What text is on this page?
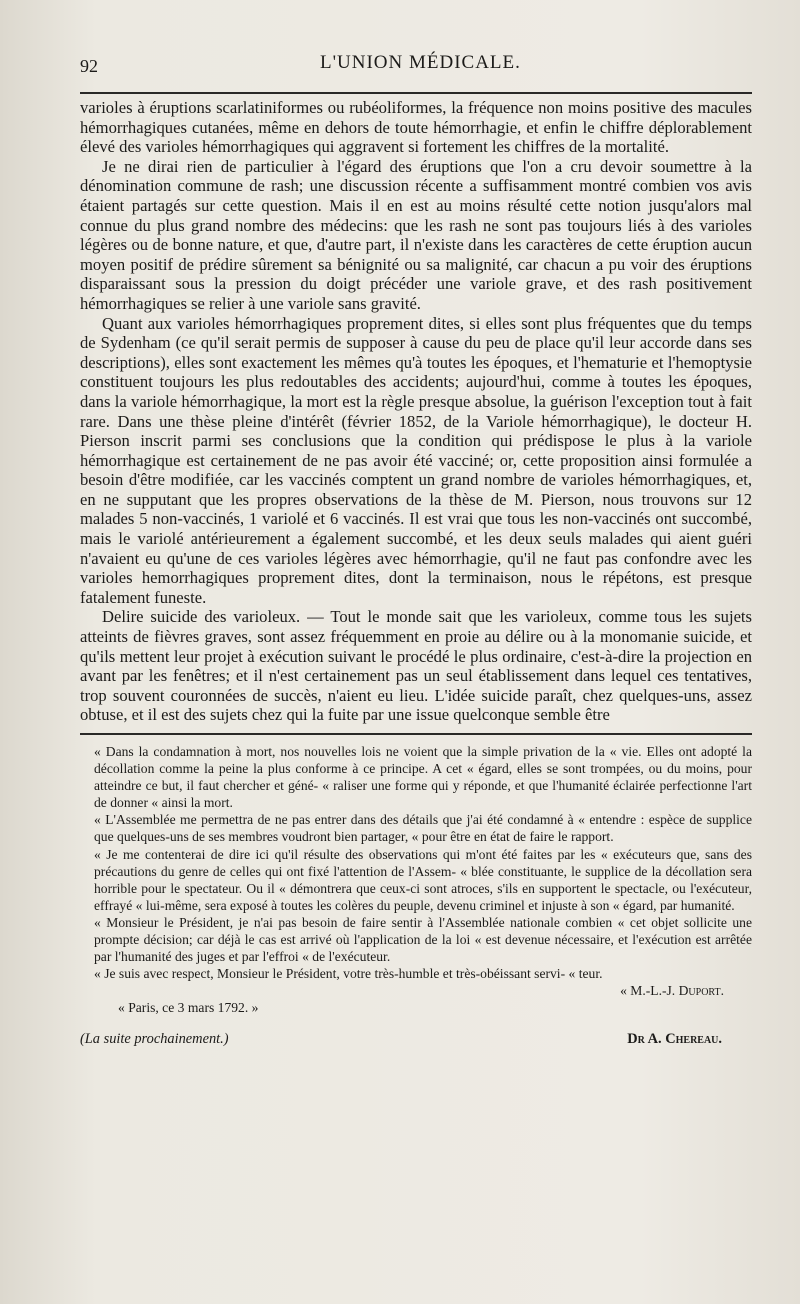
92	L'UNION MÉDICALE.

varioles à éruptions scarlatiniformes ou rubéoliformes, la fréquence non moins positive des macules hémorrhagiques cutanées, même en dehors de toute hémorrhagie, et enfin le chiffre déplorablement élevé des varioles hémorrhagiques qui aggravent si fortement les chiffres de la mortalité.

Je ne dirai rien de particulier à l'égard des éruptions que l'on a cru devoir soumettre à la dénomination commune de rash; une discussion récente a suffisamment montré combien vos avis étaient partagés sur cette question. Mais il en est au moins résulté cette notion jusqu'alors mal connue du plus grand nombre des médecins: que les rash ne sont pas toujours liés à des varioles légères ou de bonne nature, et que, d'autre part, il n'existe dans les caractères de cette éruption aucun moyen positif de prédire sûrement sa bénignité ou sa malignité, car chacun a pu voir des éruptions disparaissant sous la pression du doigt précéder une variole grave, et des rash positivement hémorrhagiques se relier à une variole sans gravité.

Quant aux varioles hémorrhagiques proprement dites, si elles sont plus fréquentes que du temps de Sydenham (ce qu'il serait permis de supposer à cause du peu de place qu'il leur accorde dans ses descriptions), elles sont exactement les mêmes qu'à toutes les époques, et l'hematurie et l'hemoptysie constituent toujours les plus redoutables des accidents; aujourd'hui, comme à toutes les époques, dans la variole hémorrhagique, la mort est la règle presque absolue, la guérison l'exception tout à fait rare. Dans une thèse pleine d'intérêt (février 1852, de la Variole hémorrhagique), le docteur H. Pierson inscrit parmi ses conclusions que la condition qui prédispose le plus à la variole hémorrhagique est certainement de ne pas avoir été vacciné; or, cette proposition ainsi formulée a besoin d'être modifiée, car les vaccinés comptent un grand nombre de varioles hémorrhagiques, et, en ne supputant que les propres observations de la thèse de M. Pierson, nous trouvons sur 12 malades 5 non-vaccinés, 1 variolé et 6 vaccinés. Il est vrai que tous les non-vaccinés ont succombé, mais le variolé antérieurement a également succombé, et les deux seuls malades qui aient guéri n'avaient eu qu'une de ces varioles légères avec hémorrhagie, qu'il ne faut pas confondre avec les varioles hemorrhagiques proprement dites, dont la terminaison, nous le répétons, est presque fatalement funeste.

Delire suicide des varioleux. — Tout le monde sait que les varioleux, comme tous les sujets atteints de fièvres graves, sont assez fréquemment en proie au délire ou à la monomanie suicide, et qu'ils mettent leur projet à exécution suivant le procédé le plus ordinaire, c'est-à-dire la projection en avant par les fenêtres; et il n'est certainement pas un seul établissement dans lequel ces tentatives, trop souvent couronnées de succès, n'aient eu lieu. L'idée suicide paraît, chez quelques-uns, assez obtuse, et il est des sujets chez qui la fuite par une issue quelconque semble être

« Dans la condamnation à mort, nos nouvelles lois ne voient que la simple privation de la « vie. Elles ont adopté la décollation comme la peine la plus conforme à ce principe. A cet « égard, elles se sont trompées, ou du moins, pour atteindre ce but, il faut chercher et géné- « raliser une forme qui y réponde, et que l'humanité éclairée perfectionne l'art de donner « ainsi la mort.

« L'Assemblée me permettra de ne pas entrer dans des détails que j'ai été condamné à « entendre : espèce de supplice que quelques-uns de ses membres voudront bien partager, « pour être en état de faire le rapport.

« Je me contenterai de dire ici qu'il résulte des observations qui m'ont été faites par les « exécuteurs que, sans des précautions du genre de celles qui ont fixé l'attention de l'Assem- « blée constituante, le supplice de la décollation sera horrible pour le spectateur. Ou il « démontrera que ceux-ci sont atroces, s'ils en supportent le spectacle, ou l'exécuteur, effrayé « lui-même, sera exposé à toutes les colères du peuple, devenu criminel et injuste à son « égard, par humanité.

« Monsieur le Président, je n'ai pas besoin de faire sentir à l'Assemblée nationale combien « cet objet sollicite une prompte décision; car déjà le cas est arrivé où l'application de la loi « est devenue nécessaire, et l'exécution est arrêtée par l'humanité des juges et par l'effroi « de l'exécuteur.

« Je suis avec respect, Monsieur le Président, votre très-humble et très-obéissant servi- « teur.

« M.-L.-J. Duport.

« Paris, ce 3 mars 1792. »

(La suite prochainement.)	Dr A. Chereau.
